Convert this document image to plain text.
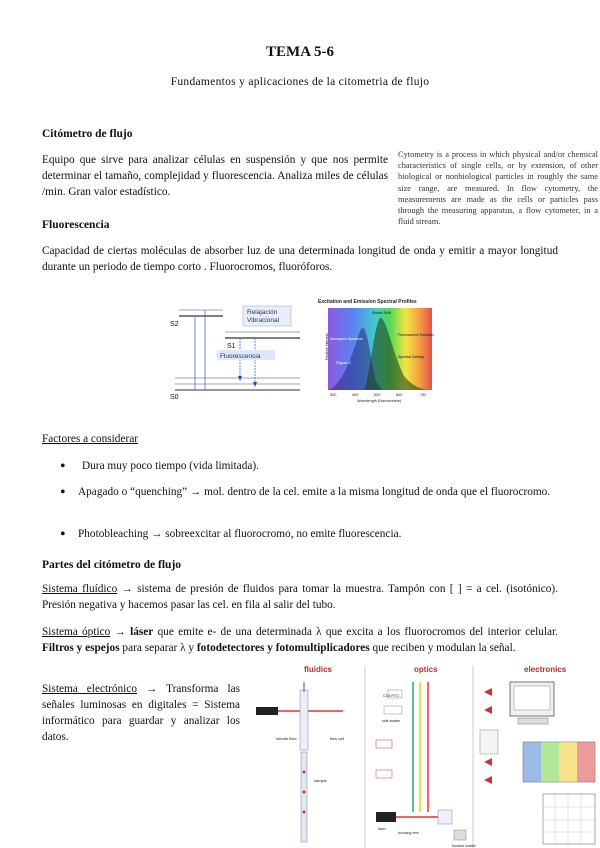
TEMA 5-6
Fundamentos y aplicaciones de la citometria de flujo
Citómetro de flujo
Equipo que sirve para analizar células en suspensión y que nos permite determinar el tamaño, complejidad y fluorescencia. Analiza miles de células /min. Gran valor estadístico.
Cytometry is a process in which physical and/or chemical characteristics of single cells, or by extension, of other biological or nonbiological particles in roughly the same size range, are measured. In flow cytometry, the measurements are made as the cells or particles pass through the measuring apparatus, a flow cytometer, in a fluid stream.
Fluorescencia
Capacidad de ciertas moléculas de absorber luz de una determinada longitud de onda y emitir a mayor longitud durante un periodo de tiempo corto . Fluorocromos, fluoróforos.
Relajación
Vibracional
Fluorescencia
S2
S1
S0
Excitation and Emission Spectral Profiles
Absorption Spectrum
Stokes Shift
Fluorescence Emission
Spectral Overlap
Figure 2
Relative Intensity
300	400	500	600	750
Wavelength (Nanometers)
Factores a considerar
• Dura muy poco tiempo (vida limitada).
• Apagado o “quenching” → mol. dentro de la cel. emite a la misma longitud de onda que el fluorocromo.
• Photobleaching → sobreexcitar al fluorocromo, no emite fluorescencia.
Partes del citómetro de flujo
Sistema fluídico → sistema de presión de fluidos para tomar la muestra. Tampón con [ ] = a cel. (isotónico). Presión negativa y hacemos pasar las cel. en fila al salir del tubo.
Sistema óptico → láser que emite e- de una determinada λ que excita a los fluorocromos del interior celular. Filtros y espejos para separar λ y fotodetectores y fotomultiplicadores que reciben y modulan la señal.
Sistema electrónico → Transforma las señales luminosas en digitales = Sistema informático para guardar y analizar los datos.
fluidics	optics	electronics
sheath fluid	flow cell
sample
focusing lens
laser
forward scatter
side scatter
CD3 FITC
